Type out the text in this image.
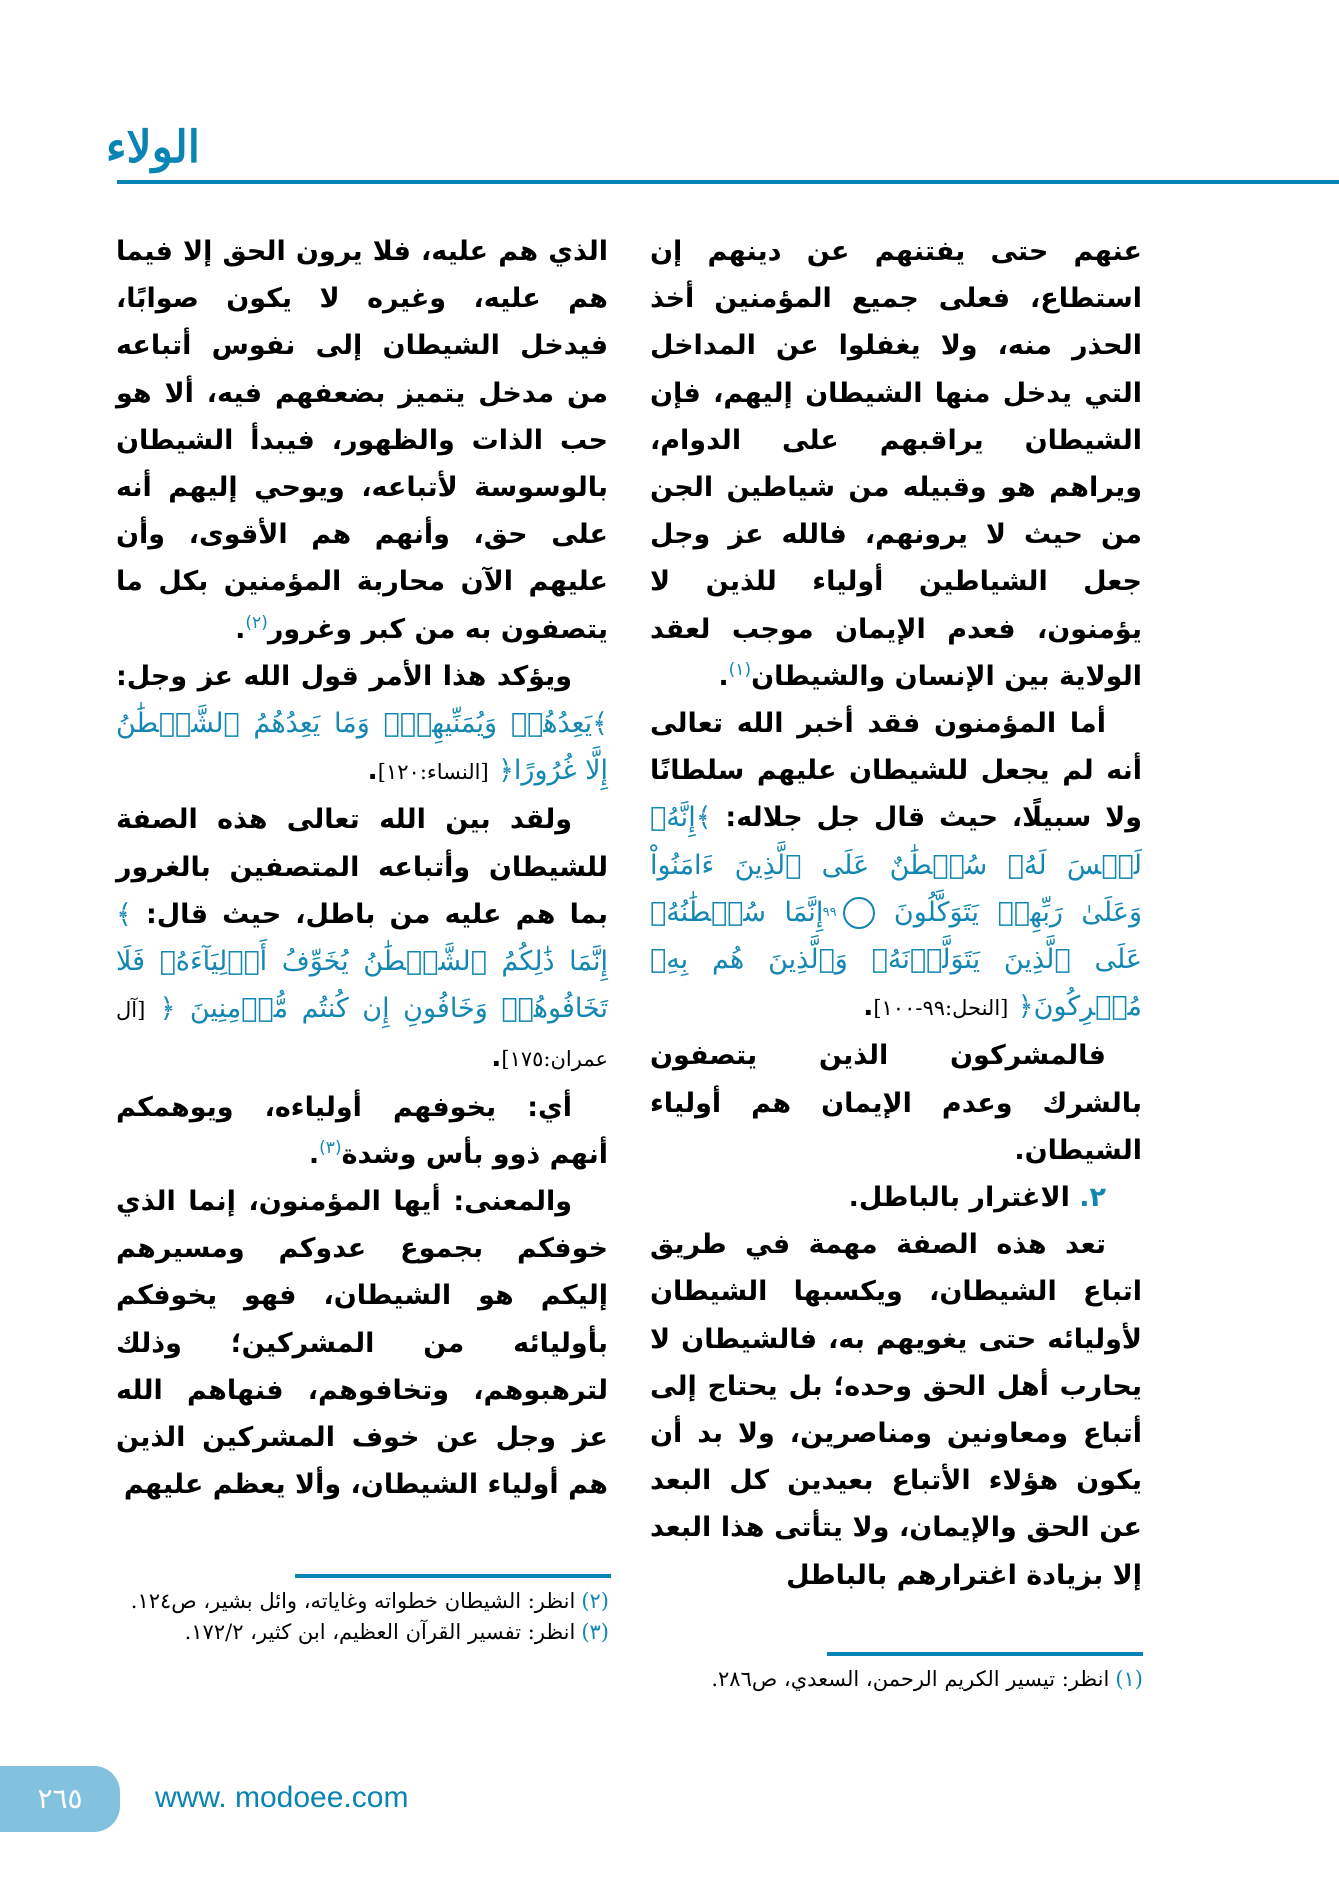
الولاء

عنهم حتى يفتنهم عن دينهم إن استطاع، فعلى جميع المؤمنين أخذ الحذر منه، ولا يغفلوا عن المداخل التي يدخل منها الشيطان إليهم، فإن الشيطان يراقبهم على الدوام، ويراهم هو وقبيله من شياطين الجن من حيث لا يرونهم، فالله عز وجل جعل الشياطين أولياء للذين لا يؤمنون، فعدم الإيمان موجب لعقد الولاية بين الإنسان والشيطان$^{(١)}$.

أما المؤمنون فقد أخبر الله تعالى أنه لم يجعل للشيطان عليهم سلطانًا ولا سبيلًا، حيث قال جل جلاله: ﴾إِنَّهُۥ لَيۡسَ لَهُۥ سُلۡطَٰنٌ عَلَى ٱلَّذِينَ ءَامَنُواْ وَعَلَىٰ رَبِّهِمۡ يَتَوَكَّلُونَ ٩٩ إِنَّمَا سُلۡطَٰنُهُۥ عَلَى ٱلَّذِينَ يَتَوَلَّوۡنَهُۥ وَٱلَّذِينَ هُم بِهِۦ مُشۡرِكُونَ﴿ [النحل:٩٩-١٠٠].

فالمشركون الذين يتصفون بالشرك وعدم الإيمان هم أولياء الشيطان.

٢. الاغترار بالباطل.

تعد هذه الصفة مهمة في طريق اتباع الشيطان، ويكسبها الشيطان لأوليائه حتى يغويهم به، فالشيطان لا يحارب أهل الحق وحده؛ بل يحتاج إلى أتباع ومعاونين ومناصرين، ولا بد أن يكون هؤلاء الأتباع بعيدين كل البعد عن الحق والإيمان، ولا يتأتى هذا البعد إلا بزيادة اغترارهم بالباطل

الذي هم عليه، فلا يرون الحق إلا فيما هم عليه، وغيره لا يكون صوابًا، فيدخل الشيطان إلى نفوس أتباعه من مدخل يتميز بضعفهم فيه، ألا هو حب الذات والظهور، فيبدأ الشيطان بالوسوسة لأتباعه، ويوحي إليهم أنه على حق، وأنهم هم الأقوى، وأن عليهم الآن محاربة المؤمنين بكل ما يتصفون به من كبر وغرور$^{(٢)}$.

ويؤكد هذا الأمر قول الله عز وجل: ﴾يَعِدُهُمۡ وَيُمَنِّيهِمۡۖ وَمَا يَعِدُهُمُ ٱلشَّيۡطَٰنُ إِلَّا غُرُورًا﴿ [النساء:١٢٠].

ولقد بين الله تعالى هذه الصفة للشيطان وأتباعه المتصفين بالغرور بما هم عليه من باطل، حيث قال: ﴾إِنَّمَا ذَٰلِكُمُ ٱلشَّيۡطَٰنُ يُخَوِّفُ أَوۡلِيَآءَهُۥ فَلَا تَخَافُوهُمۡ وَخَافُونِ إِن كُنتُم مُّؤۡمِنِينَ ﴿ [آل عمران:١٧٥].

أي: يخوفهم أولياءه، ويوهمكم أنهم ذوو بأس وشدة$^{(٣)}$.

والمعنى: أيها المؤمنون، إنما الذي خوفكم بجموع عدوكم ومسيرهم إليكم هو الشيطان، فهو يخوفكم بأوليائه من المشركين؛ وذلك لترهبوهم، وتخافوهم، فنهاهم الله عز وجل عن خوف المشركين الذين هم أولياء الشيطان، وألا يعظم عليهم

(١)انظر: تيسير الكريم الرحمن، السعدي، ص٢٨٦.

(٢)انظر: الشيطان خطواته وغاياته، وائل بشير، ص١٢٤.

(٣)انظر: تفسير القرآن العظيم، ابن كثير، ١٧٢/٢.

٢٦٥	www. modoee.com
